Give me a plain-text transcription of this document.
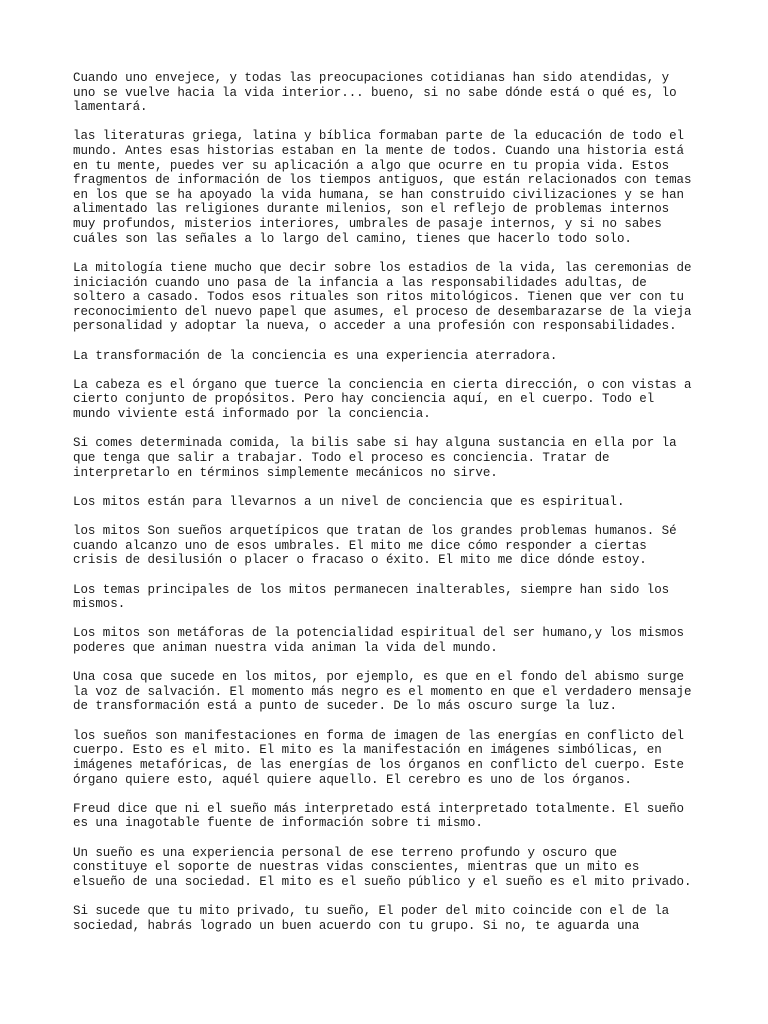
Cuando uno envejece, y todas las preocupaciones cotidianas han sido atendidas, y
uno se vuelve hacia la vida interior... bueno, si no sabe dónde está o qué es, lo
lamentará.

las literaturas griega, latina y bíblica formaban parte de la educación de todo el
mundo. Antes esas historias estaban en la mente de todos. Cuando una historia está
en tu mente, puedes ver su aplicación a algo que ocurre en tu propia vida. Estos
fragmentos de información de los tiempos antiguos, que están relacionados con temas
en los que se ha apoyado la vida humana, se han construido civilizaciones y se han
alimentado las religiones durante milenios, son el reflejo de problemas internos
muy profundos, misterios interiores, umbrales de pasaje internos, y si no sabes
cuáles son las señales a lo largo del camino, tienes que hacerlo todo solo.

La mitología tiene mucho que decir sobre los estadios de la vida, las ceremonias de
iniciación cuando uno pasa de la infancia a las responsabilidades adultas, de
soltero a casado. Todos esos rituales son ritos mitológicos. Tienen que ver con tu
reconocimiento del nuevo papel que asumes, el proceso de desembarazarse de la vieja
personalidad y adoptar la nueva, o acceder a una profesión con responsabilidades.

La transformación de la conciencia es una experiencia aterradora.

La cabeza es el órgano que tuerce la conciencia en cierta dirección, o con vistas a
cierto conjunto de propósitos. Pero hay conciencia aquí, en el cuerpo. Todo el
mundo viviente está informado por la conciencia.

Si comes determinada comida, la bilis sabe si hay alguna sustancia en ella por la
que tenga que salir a trabajar. Todo el proceso es conciencia. Tratar de
interpretarlo en términos simplemente mecánicos no sirve.

Los mitos están para llevarnos a un nivel de conciencia que es espiritual.

los mitos Son sueños arquetípicos que tratan de los grandes problemas humanos. Sé
cuando alcanzo uno de esos umbrales. El mito me dice cómo responder a ciertas
crisis de desilusión o placer o fracaso o éxito. El mito me dice dónde estoy.

Los temas principales de los mitos permanecen inalterables, siempre han sido los
mismos.

Los mitos son metáforas de la potencialidad espiritual del ser humano,y los mismos
poderes que animan nuestra vida animan la vida del mundo.

Una cosa que sucede en los mitos, por ejemplo, es que en el fondo del abismo surge
la voz de salvación. El momento más negro es el momento en que el verdadero mensaje
de transformación está a punto de suceder. De lo más oscuro surge la luz.

los sueños son manifestaciones en forma de imagen de las energías en conflicto del
cuerpo. Esto es el mito. El mito es la manifestación en imágenes simbólicas, en
imágenes metafóricas, de las energías de los órganos en conflicto del cuerpo. Este
órgano quiere esto, aquél quiere aquello. El cerebro es uno de los órganos.

Freud dice que ni el sueño más interpretado está interpretado totalmente. El sueño
es una inagotable fuente de información sobre ti mismo.

Un sueño es una experiencia personal de ese terreno profundo y oscuro que
constituye el soporte de nuestras vidas conscientes, mientras que un mito es
elsueño de una sociedad. El mito es el sueño público y el sueño es el mito privado.

Si sucede que tu mito privado, tu sueño, El poder del mito coincide con el de la
sociedad, habrás logrado un buen acuerdo con tu grupo. Si no, te aguarda una
